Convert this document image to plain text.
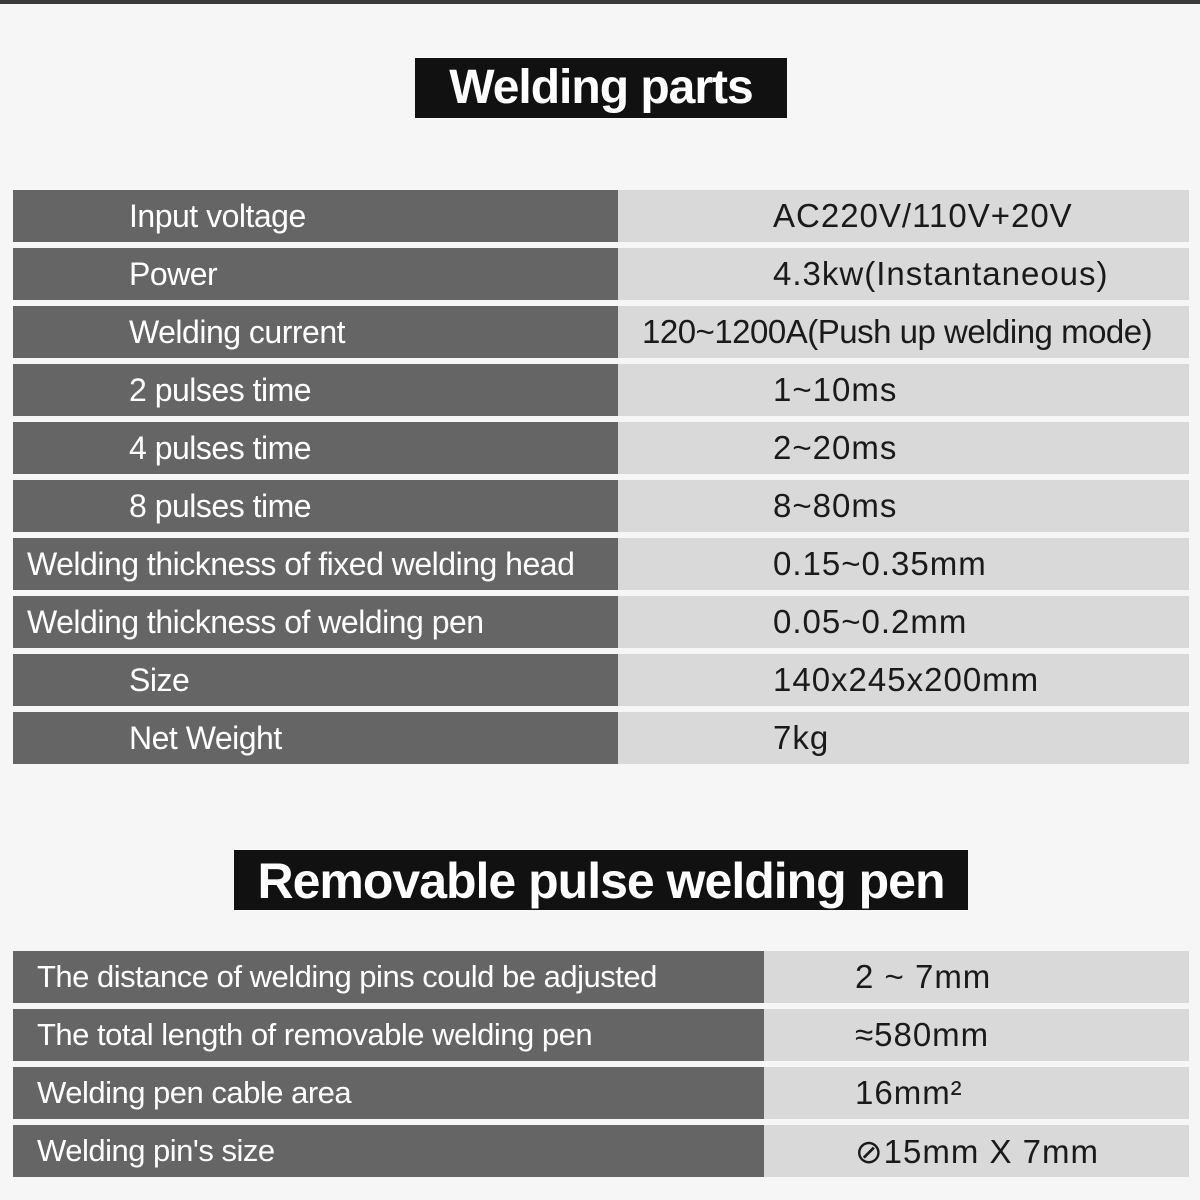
Welding parts
Input voltage	AC220V/110V+20V
Power	4.3kw(Instantaneous)
Welding current	120~1200A(Push up welding mode)
2 pulses time	1~10ms
4 pulses time	2~20ms
8 pulses time	8~80ms
Welding thickness of fixed welding head	0.15~0.35mm
Welding thickness of welding pen	0.05~0.2mm
Size	140x245x200mm
Net Weight	7kg
Removable pulse welding pen
The distance of welding pins could be adjusted	2 ~ 7mm
The total length of removable welding pen	≈580mm
Welding pen cable area	16mm²
Welding pin's size	⊘15mm X 7mm
